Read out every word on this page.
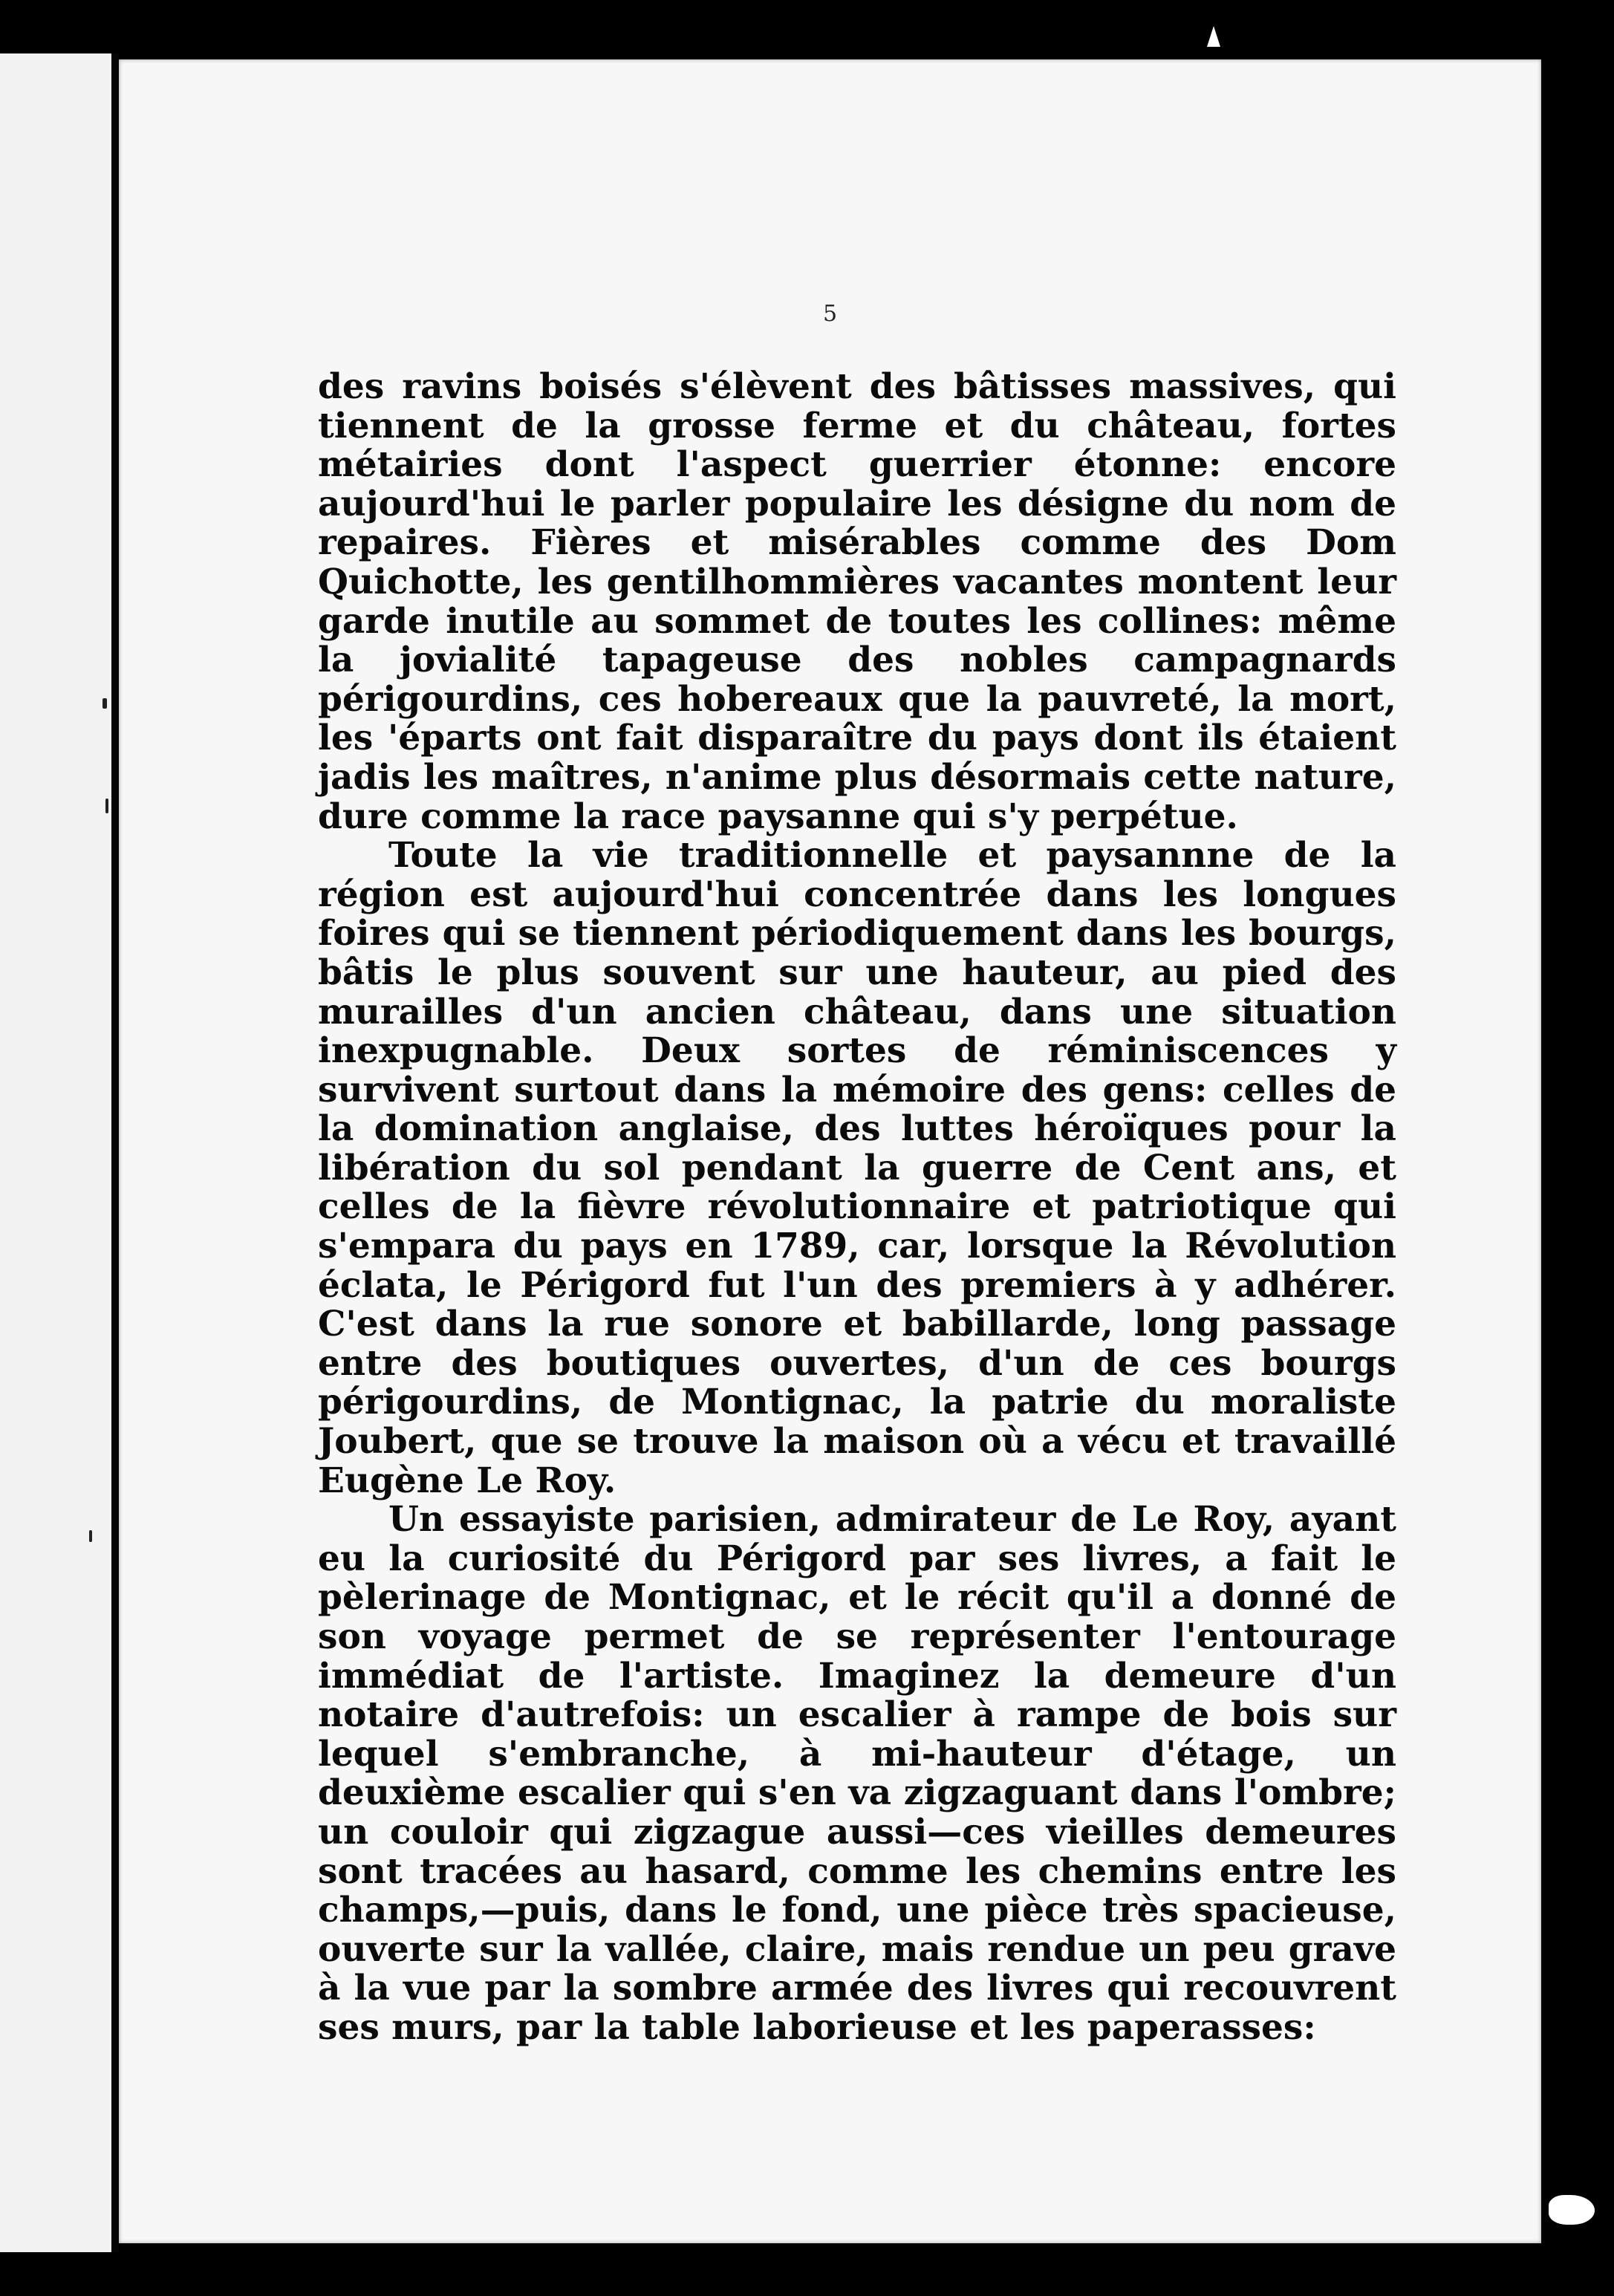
5

des ravins boisés s'élèvent des bâtisses massives, qui tiennent de la grosse ferme et du château, fortes métairies dont l'aspect guerrier étonne: encore aujourd'hui le parler populaire les désigne du nom de repaires. Fières et misérables comme des Dom Quichotte, les gentilhommières vacantes montent leur garde inutile au sommet de toutes les collines: même la jovialité tapageuse des nobles campagnards périgourdins, ces hobereaux que la pauvreté, la mort, les 'éparts ont fait disparaître du pays dont ils étaient jadis les maîtres, n'anime plus désormais cette nature, dure comme la race paysanne qui s'y perpétue.

Toute la vie traditionnelle et paysannne de la région est aujourd'hui concentrée dans les longues foires qui se tiennent périodiquement dans les bourgs, bâtis le plus souvent sur une hauteur, au pied des murailles d'un ancien château, dans une situation inexpugnable. Deux sortes de réminiscences y survivent surtout dans la mémoire des gens: celles de la domination anglaise, des luttes héroïques pour la libération du sol pendant la guerre de Cent ans, et celles de la fièvre révolutionnaire et patriotique qui s'empara du pays en 1789, car, lorsque la Révolution éclata, le Périgord fut l'un des premiers à y adhérer. C'est dans la rue sonore et babillarde, long passage entre des boutiques ouvertes, d'un de ces bourgs périgourdins, de Montignac, la patrie du moraliste Joubert, que se trouve la maison où a vécu et travaillé Eugène Le Roy.

Un essayiste parisien, admirateur de Le Roy, ayant eu la curiosité du Périgord par ses livres, a fait le pèlerinage de Montignac, et le récit qu'il a donné de son voyage permet de se représenter l'entourage immédiat de l'artiste. Imaginez la demeure d'un notaire d'autrefois: un escalier à rampe de bois sur lequel s'embranche, à mi-hauteur d'étage, un deuxième escalier qui s'en va zigzaguant dans l'ombre; un couloir qui zigzague aussi—ces vieilles demeures sont tracées au hasard, comme les chemins entre les champs,—puis, dans le fond, une pièce très spacieuse, ouverte sur la vallée, claire, mais rendue un peu grave à la vue par la sombre armée des livres qui recouvrent ses murs, par la table laborieuse et les paperasses:
